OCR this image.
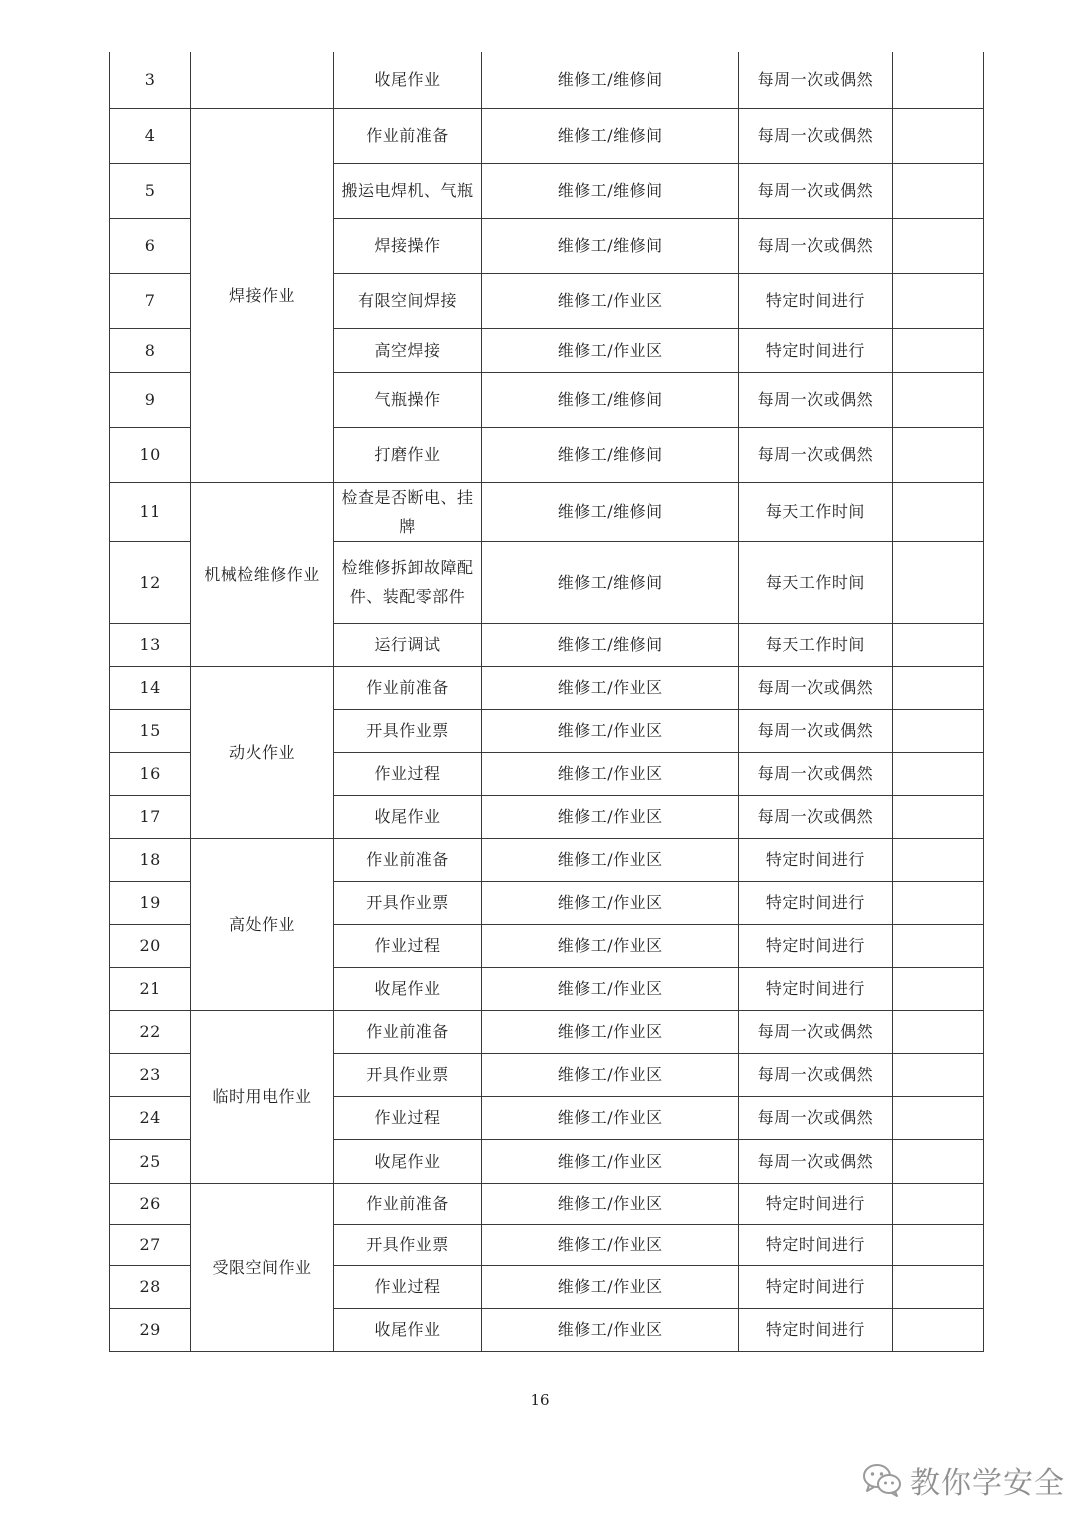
3		收尾作业	维修工/维修间	每周一次或偶然	
4	焊接作业	作业前准备	维修工/维修间	每周一次或偶然	
5		搬运电焊机、气瓶	维修工/维修间	每周一次或偶然	
6		焊接操作	维修工/维修间	每周一次或偶然	
7		有限空间焊接	维修工/作业区	特定时间进行	
8		高空焊接	维修工/作业区	特定时间进行	
9		气瓶操作	维修工/维修间	每周一次或偶然	
10		打磨作业	维修工/维修间	每周一次或偶然	
11	机械检维修作业	检查是否断电、挂牌	维修工/维修间	每天工作时间	
12		检维修拆卸故障配件、装配零部件	维修工/维修间	每天工作时间	
13		运行调试	维修工/维修间	每天工作时间	
14	动火作业	作业前准备	维修工/作业区	每周一次或偶然	
15		开具作业票	维修工/作业区	每周一次或偶然	
16		作业过程	维修工/作业区	每周一次或偶然	
17		收尾作业	维修工/作业区	每周一次或偶然	
18	高处作业	作业前准备	维修工/作业区	特定时间进行	
19		开具作业票	维修工/作业区	特定时间进行	
20		作业过程	维修工/作业区	特定时间进行	
21		收尾作业	维修工/作业区	特定时间进行	
22	临时用电作业	作业前准备	维修工/作业区	每周一次或偶然	
23		开具作业票	维修工/作业区	每周一次或偶然	
24		作业过程	维修工/作业区	每周一次或偶然	
25		收尾作业	维修工/作业区	每周一次或偶然	
26	受限空间作业	作业前准备	维修工/作业区	特定时间进行	
27		开具作业票	维修工/作业区	特定时间进行	
28		作业过程	维修工/作业区	特定时间进行	
29		收尾作业	维修工/作业区	特定时间进行	
16
教你学安全
